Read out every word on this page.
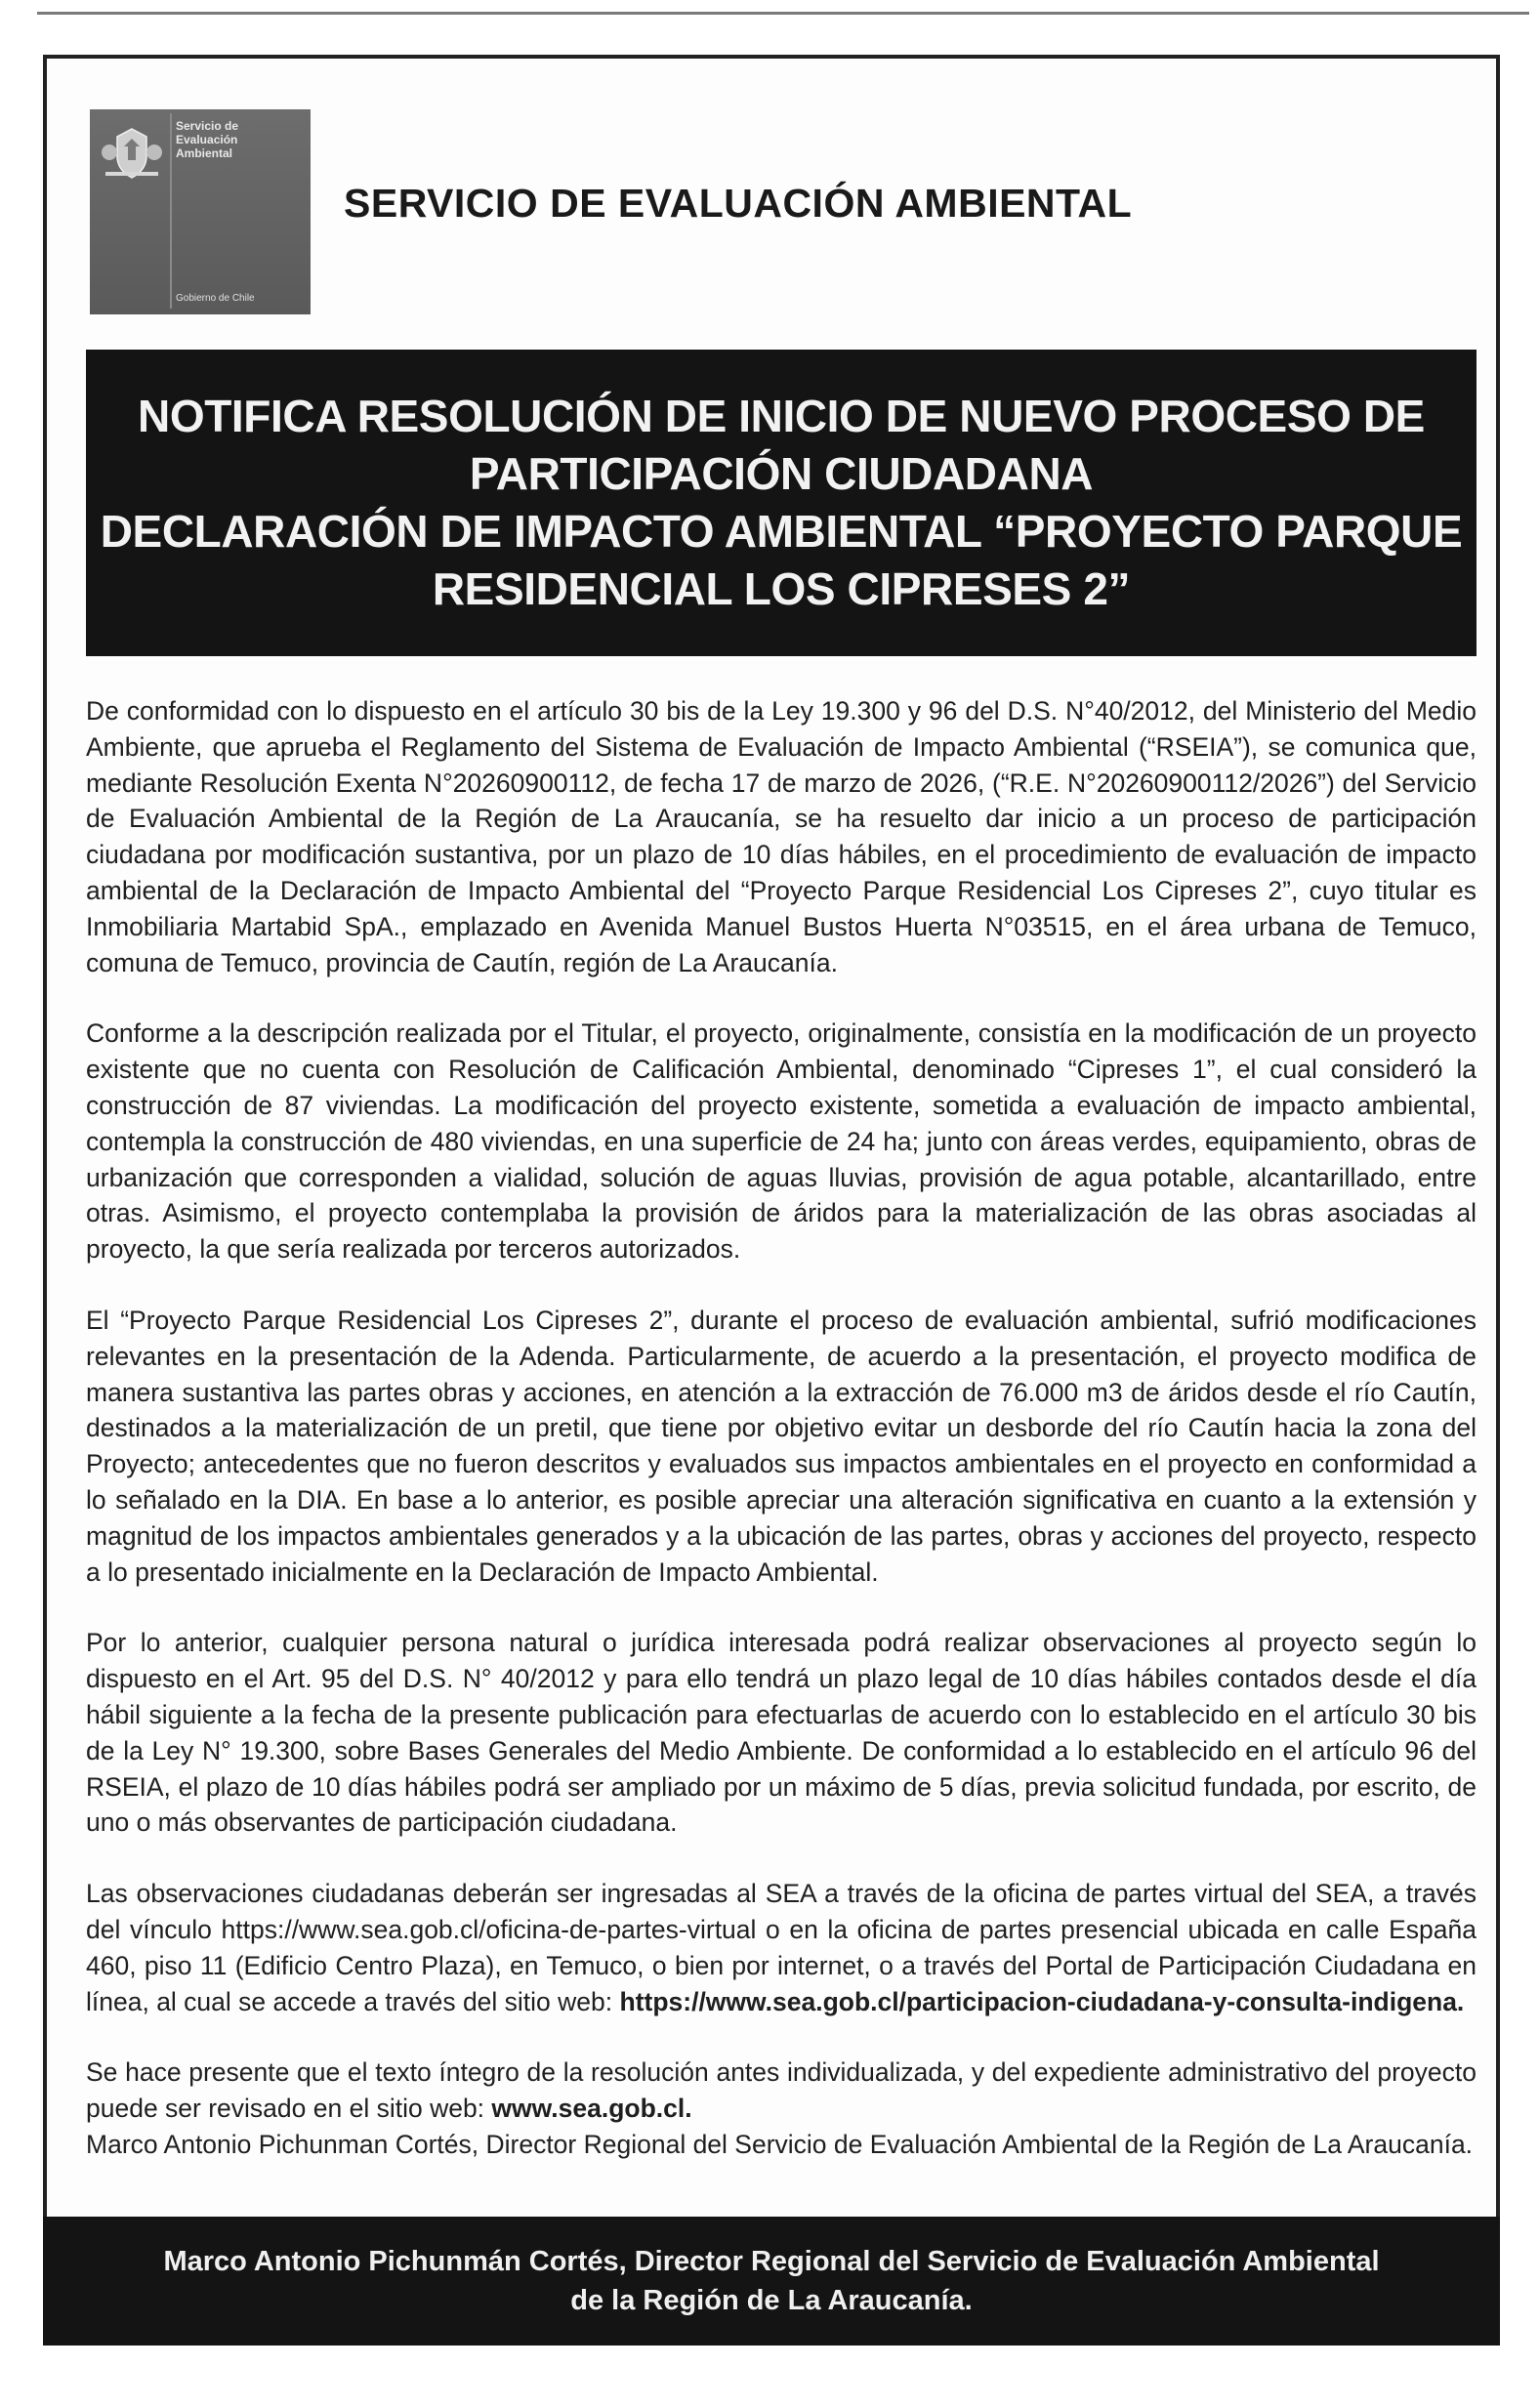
Servicio de
Evaluación
Ambiental
Gobierno de Chile
SERVICIO DE EVALUACIÓN AMBIENTAL
NOTIFICA RESOLUCIÓN DE INICIO DE NUEVO PROCESO DE
PARTICIPACIÓN CIUDADANA
DECLARACIÓN DE IMPACTO AMBIENTAL “PROYECTO PARQUE
RESIDENCIAL LOS CIPRESES 2”

De conformidad con lo dispuesto en el artículo 30 bis de la Ley 19.300 y 96 del D.S. N°40/2012, del Ministerio del Medio Ambiente, que aprueba el Reglamento del Sistema de Evaluación de Impacto Ambiental (“RSEIA”), se comunica que, mediante Resolución Exenta N°20260900112, de fecha 17 de marzo de 2026, (“R.E. N°20260900112/2026”) del Servicio de Evaluación Ambiental de la Región de La Araucanía, se ha resuelto dar inicio a un proceso de participación ciudadana por modificación sustantiva, por un plazo de 10 días hábiles, en el procedimiento de evaluación de impacto ambiental de la Declaración de Impacto Ambiental del “Proyecto Parque Residencial Los Cipreses 2”, cuyo titular es Inmobiliaria Martabid SpA., emplazado en Avenida Manuel Bustos Huerta N°03515, en el área urbana de Temuco, comuna de Temuco, provincia de Cautín, región de La Araucanía.

Conforme a la descripción realizada por el Titular, el proyecto, originalmente, consistía en la modificación de un proyecto existente que no cuenta con Resolución de Calificación Ambiental, denominado “Cipreses 1”, el cual consideró la construcción de 87 viviendas. La modificación del proyecto existente, sometida a evaluación de impacto ambiental, contempla la construcción de 480 viviendas, en una superficie de 24 ha; junto con áreas verdes, equipamiento, obras de urbanización que corresponden a vialidad, solución de aguas lluvias, provisión de agua potable, alcantarillado, entre otras. Asimismo, el proyecto contemplaba la provisión de áridos para la materialización de las obras asociadas al proyecto, la que sería realizada por terceros autorizados.

El “Proyecto Parque Residencial Los Cipreses 2”, durante el proceso de evaluación ambiental, sufrió modificaciones relevantes en la presentación de la Adenda. Particularmente, de acuerdo a la presentación, el proyecto modifica de manera sustantiva las partes obras y acciones, en atención a la extracción de 76.000 m3 de áridos desde el río Cautín, destinados a la materialización de un pretil, que tiene por objetivo evitar un desborde del río Cautín hacia la zona del Proyecto; antecedentes que no fueron descritos y evaluados sus impactos ambientales en el proyecto en conformidad a lo señalado en la DIA. En base a lo anterior, es posible apreciar una alteración significativa en cuanto a la extensión y magnitud de los impactos ambientales generados y a la ubicación de las partes, obras y acciones del proyecto, respecto a lo presentado inicialmente en la Declaración de Impacto Ambiental.

Por lo anterior, cualquier persona natural o jurídica interesada podrá realizar observaciones al proyecto según lo dispuesto en el Art. 95 del D.S. N° 40/2012 y para ello tendrá un plazo legal de 10 días hábiles contados desde el día hábil siguiente a la fecha de la presente publicación para efectuarlas de acuerdo con lo establecido en el artículo 30 bis de la Ley N° 19.300, sobre Bases Generales del Medio Ambiente. De conformidad a lo establecido en el artículo 96 del RSEIA, el plazo de 10 días hábiles podrá ser ampliado por un máximo de 5 días, previa solicitud fundada, por escrito, de uno o más observantes de participación ciudadana.

Las observaciones ciudadanas deberán ser ingresadas al SEA a través de la oficina de partes virtual del SEA, a través del vínculo https://www.sea.gob.cl/oficina-de-partes-virtual o en la oficina de partes presencial ubicada en calle España 460, piso 11 (Edificio Centro Plaza), en Temuco, o bien por internet, o a través del Portal de Participación Ciudadana en línea, al cual se accede a través del sitio web: https://www.sea.gob.cl/participacion-ciudadana-y-consulta-indigena.

Se hace presente que el texto íntegro de la resolución antes individualizada, y del expediente administrativo del proyecto puede ser revisado en el sitio web: www.sea.gob.cl.

Marco Antonio Pichunman Cortés, Director Regional del Servicio de Evaluación Ambiental de la Región de La Araucanía.

Marco Antonio Pichunmán Cortés, Director Regional del Servicio de Evaluación Ambiental
de la Región de La Araucanía.
